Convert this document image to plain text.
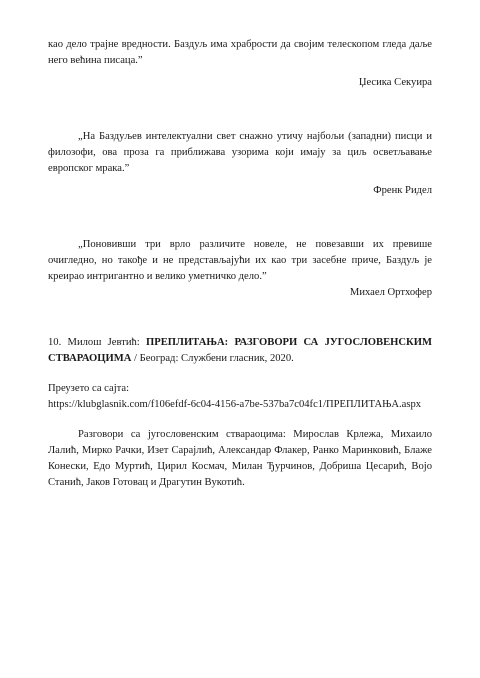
као дело трајне вредности. Баздуљ има храбрости да својим телескопом гледа даље него већина писаца.”

Џесика Секуира

„На Баздуљев интелектуални свет снажно утичу најбољи (западни) писци и филозофи, ова проза га приближава узорима који имају за циљ осветљавање европског мрака.”

Френк Ридел

„Поновивши три врло различите новеле, не повезавши их превише очигледно, но такође и не представљајући их као три засебне приче, Баздуљ је креирао интригантно и велико уметничко дело.”

Михаел Ортхофер

10. Милош Јевтић: ПРЕПЛИТАЊА: РАЗГОВОРИ СА ЈУГОСЛОВЕНСКИМ СТВАРАОЦИМА / Београд: Службени гласник, 2020.

Преузето са сајта:

https://klubglasnik.com/f106efdf-6c04-4156-a7be-537ba7c04fc1/ПРЕПЛИТАЊА.aspx

Разговори са југословенским ствараоцима: Мирослав Крлежа, Михаило Лалић, Мирко Рачки, Изет Сарајлић, Александар Флакер, Ранко Маринковић, Блаже Конески, Едо Муртић, Цирил Космач, Милан Ђурчинов, Добриша Цесарић, Војо Станић, Јаков Готовац и Драгутин Вукотић.
